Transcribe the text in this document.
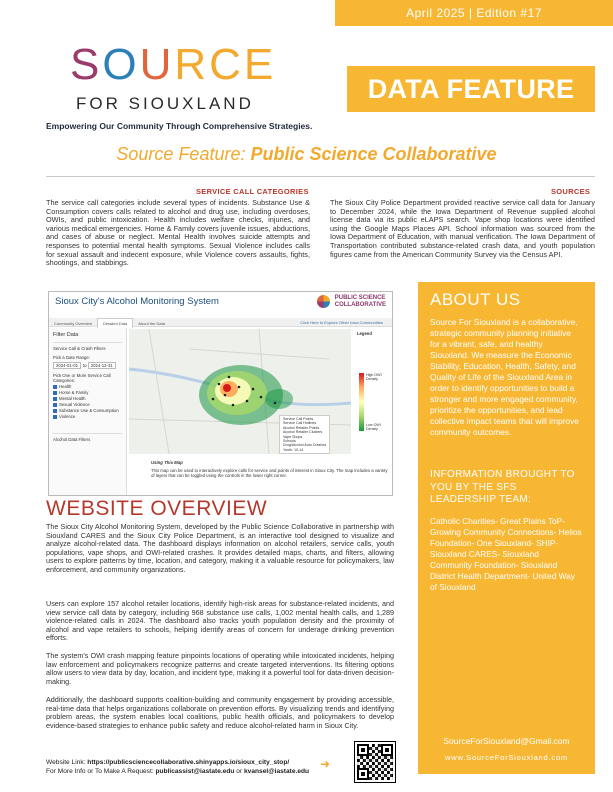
April 2025 | Edition #17
SOURCE
FOR SIOUXLAND	DATA FEATURE
Empowering Our Community Through Comprehensive Strategies.
Source Feature: Public Science Collaborative
SERVICE CALL CATEGORIES
The service call categories include several types of incidents. Substance Use & Consumption covers calls related to alcohol and drug use, including overdoses, OWIs, and public intoxication. Health includes welfare checks, injuries, and various medical emergencies. Home & Family covers juvenile issues, abductions, and cases of abuse or neglect. Mental Health involves suicide attempts and responses to potential mental health symptoms. Sexual Violence includes calls for sexual assault and indecent exposure, while Violence covers assaults, fights, shootings, and stabbings.
SOURCES
The Sioux City Police Department provided reactive service call data for January to December 2024, while the Iowa Department of Revenue supplied alcohol license data via its public eLAPS search. Vape shop locations were identified using the Google Maps Places API. School information was sourced from the Iowa Department of Education, with manual verification. The Iowa Department of Transportation contributed substance-related crash data, and youth population figures came from the American Community Survey via the Census API.
Sioux City's Alcohol Monitoring System	PUBLIC SCIENCE
COLLABORATIVE
Community Overview	Detailed Data	About the Data	Click Here to Explore Other Iowa Communities
Filter Data
Service Call & Crash Filters
Pick a Date Range:
2024-01-01 to 2024-12-31
Pick One or More Service Call Categories:
Health
Home & Family
Mental Health
Sexual Violence
Substance Use & Consumption
Violence
Alcohol Data Filters
Service Call Points
Service Call Hotlines
Alcohol Retailer Points
Alcohol Retailer Clusters
Vape Shops
Schools
Drug/Alcohol Auto Crashes
Youth: 10-14
Legend
High OWI Density
Low OWI Density
Using This Map
This map can be used to interactively explore calls for service and points of interest in Sioux City. The map includes a variety of layers that can be toggled using the controls in the lower right corner.
WEBSITE OVERVIEW
The Sioux City Alcohol Monitoring System, developed by the Public Science Collaborative in partnership with Siouxland CARES and the Sioux City Police Department, is an interactive tool designed to visualize and analyze alcohol-related data. The dashboard displays information on alcohol retailers, service calls, youth populations, vape shops, and OWI-related crashes. It provides detailed maps, charts, and filters, allowing users to explore patterns by time, location, and category, making it a valuable resource for policymakers, law enforcement, and community organizations.
Users can explore 157 alcohol retailer locations, identify high-risk areas for substance-related incidents, and view service call data by category, including 968 substance use calls, 1,002 mental health calls, and 1,289 violence-related calls in 2024. The dashboard also tracks youth population density and the proximity of alcohol and vape retailers to schools, helping identify areas of concern for underage drinking prevention efforts.
The system's OWI crash mapping feature pinpoints locations of operating while intoxicated incidents, helping law enforcement and policymakers recognize patterns and create targeted interventions. Its filtering options allow users to view data by day, location, and incident type, making it a powerful tool for data-driven decision-making.
Additionally, the dashboard supports coalition-building and community engagement by providing accessible, real-time data that helps organizations collaborate on prevention efforts. By visualizing trends and identifying problem areas, the system enables local coalitions, public health officials, and policymakers to develop evidence-based strategies to enhance public safety and reduce alcohol-related harm in Sioux City.
Website Link: https://publicsciencecollaborative.shinyapps.io/sioux_city_stop/
For More Info or To Make A Request: publicassist@iastate.edu or kvansel@iastate.edu ➜
ABOUT US
Source For Siouxland is a collaborative, strategic community planning initiative for a vibrant, safe, and healthy Siouxland. We measure the Economic Stability, Education, Health, Safety, and Quality of Life of the Siouxland Area in order to identify opportunities to build a stronger and more engaged community, prioritize the opportunities, and lead collective impact teams that will improve community outcomes.
INFORMATION BROUGHT TO YOU BY THE SFS LEADERSHIP TEAM:
Catholic Charities- Great Plains ToP- Growing Community Connections- Helios Foundation- One Siouxland- SHIP- Siouxland CARES- Siouxland Community Foundation- Siouxland District Health Department- United Way of Siouxland
SourceForSiouxland@Gmail.com
www.SourceForSiouxland.com
